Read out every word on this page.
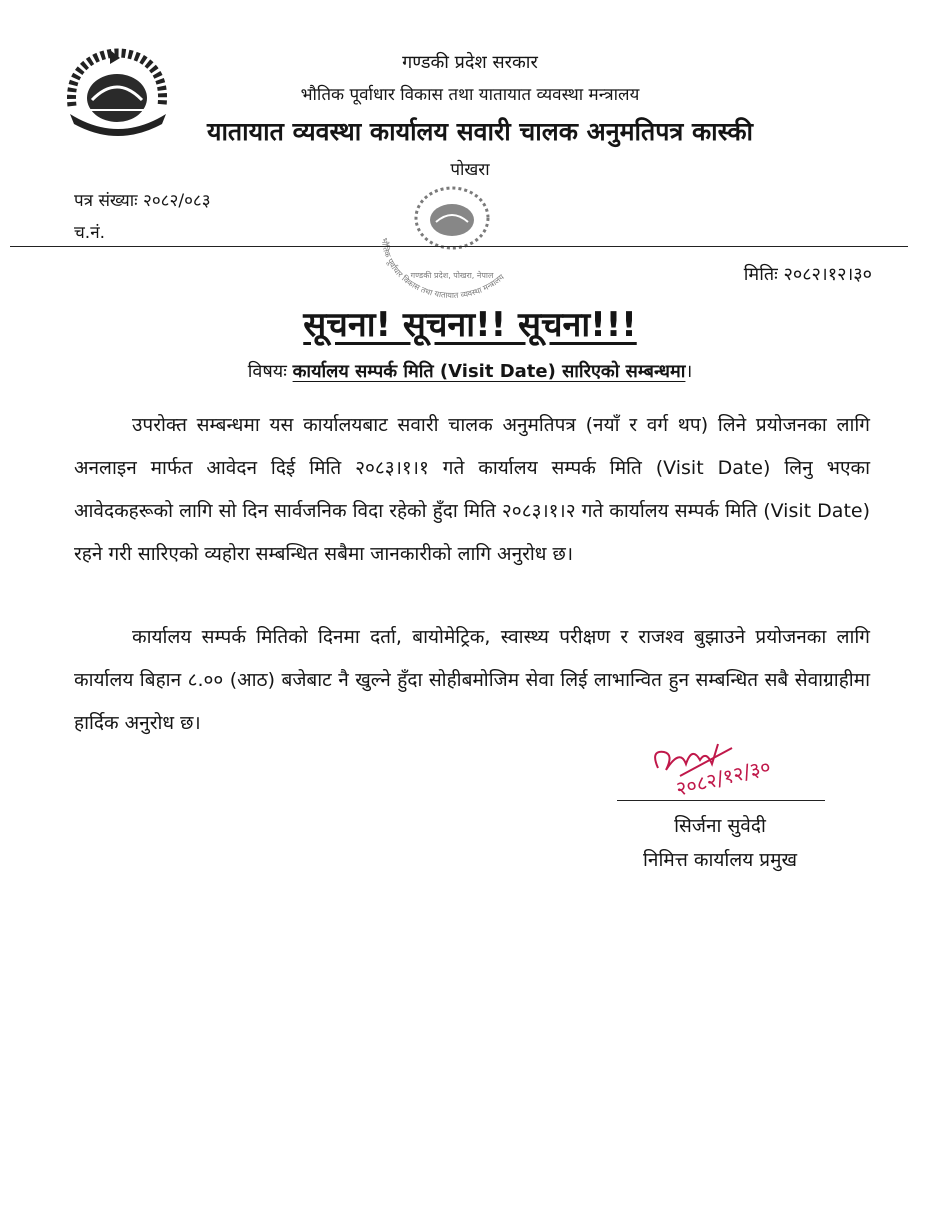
गण्डकी प्रदेश सरकार
भौतिक पूर्वाधार विकास तथा यातायात व्यवस्था मन्त्रालय
यातायात व्यवस्था कार्यालय सवारी चालक अनुमतिपत्र कास्की
पोखरा
पत्र संख्याः २०८२/०८३
च.नं.	भौतिक पूर्वाधार विकास तथा यातायात व्यवस्था मन्त्रालय
गण्डकी प्रदेश, पोखरा, नेपाल	मितिः २०८२।१२।३०
सूचना! सूचना!! सूचना!!!
विषयः कार्यालय सम्पर्क मिति (Visit Date) सारिएको सम्बन्धमा।
उपरोक्त सम्बन्धमा यस कार्यालयबाट सवारी चालक अनुमतिपत्र (नयाँ र वर्ग थप) लिने प्रयोजनका लागि अनलाइन मार्फत आवेदन दिई मिति २०८३।१।१ गते कार्यालय सम्पर्क मिति (Visit Date) लिनु भएका आवेदकहरूको लागि सो दिन सार्वजनिक विदा रहेको हुँदा मिति २०८३।१।२ गते कार्यालय सम्पर्क मिति (Visit Date) रहने गरी सारिएको व्यहोरा सम्बन्धित सबैमा जानकारीको लागि अनुरोध छ।
कार्यालय सम्पर्क मितिको दिनमा दर्ता, बायोमेट्रिक, स्वास्थ्य परीक्षण र राजश्व बुझाउने प्रयोजनका लागि कार्यालय बिहान ८.०० (आठ) बजेबाट नै खुल्ने हुँदा सोहीबमोजिम सेवा लिई लाभान्वित हुन सम्बन्धित सबै सेवाग्राहीमा हार्दिक अनुरोध छ।
२०८२/१२/३०
सिर्जना सुवेदी
निमित्त कार्यालय प्रमुख
